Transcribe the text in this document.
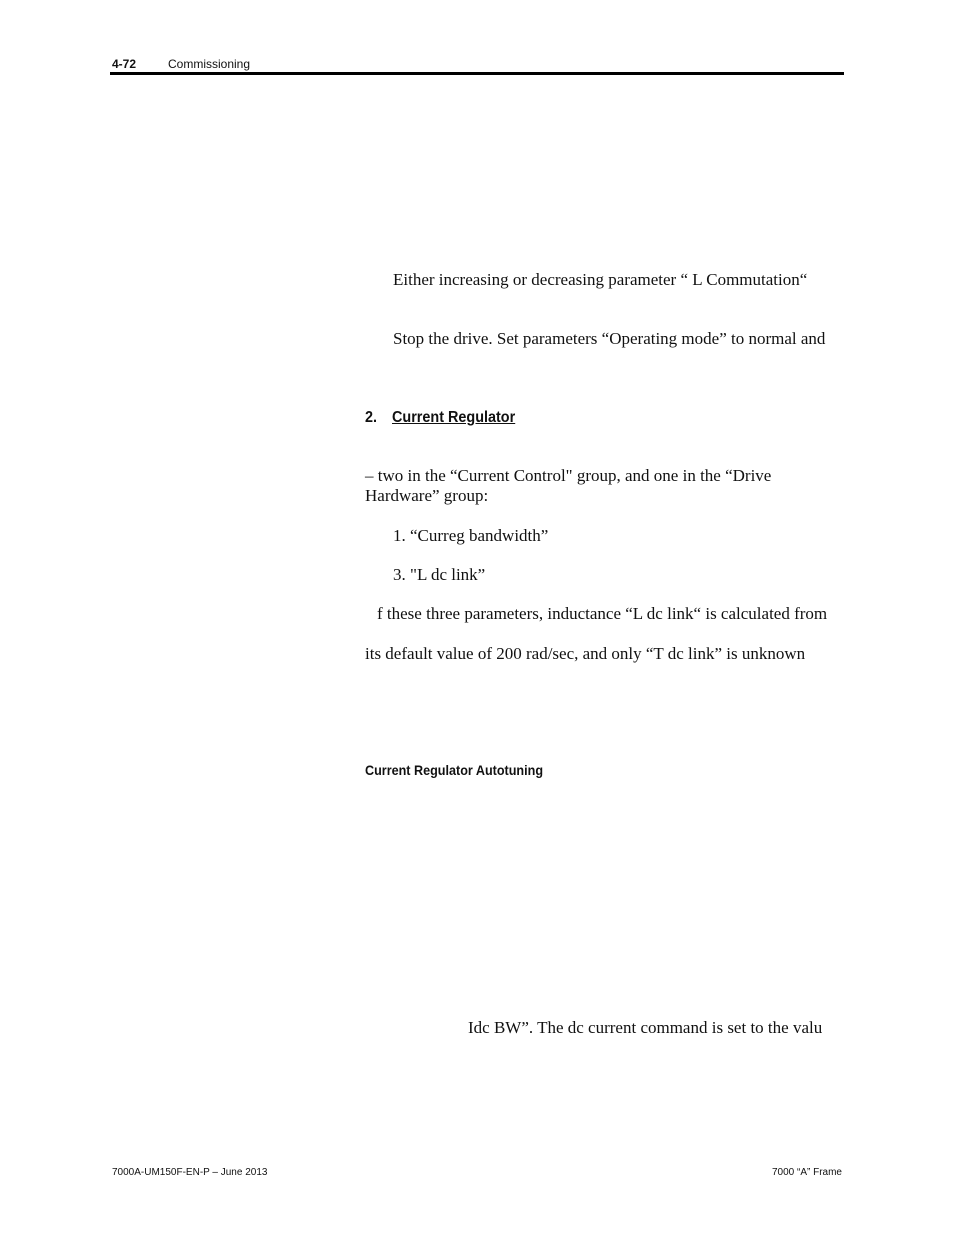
4-72	Commissioning
Either increasing or decreasing parameter “ L Commutation“
Stop the drive. Set parameters “Operating mode” to normal and
2. Current Regulator
– two in the “Current Control" group, and one in the “Drive
Hardware” group:
1. “Curreg bandwidth”
3. "L dc link”
f these three parameters, inductance “L dc link“ is calculated from
its default value of 200 rad/sec, and only “T dc link” is unknown
Current Regulator Autotuning
Idc BW”. The dc current command is set to the valu
7000A-UM150F-EN-P – June 2013	7000 “A” Frame
